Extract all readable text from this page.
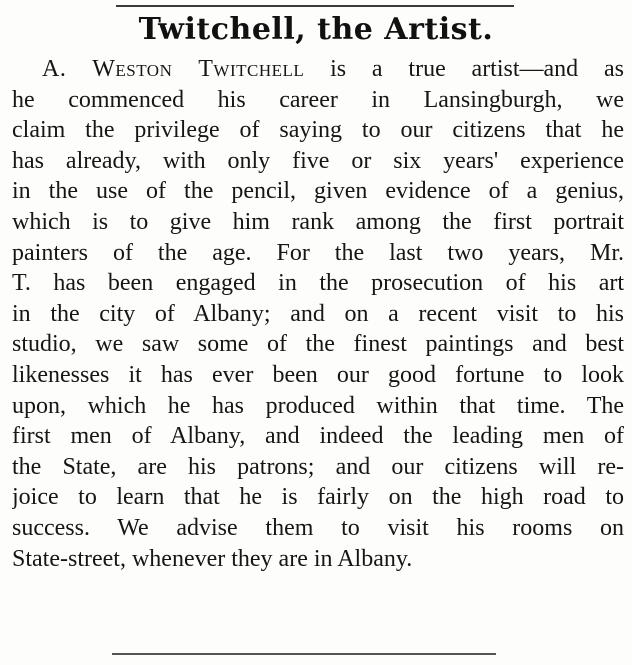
Twitchell, the Artist.
A. Weston Twitchell is a true artist—and as
he commenced his career in Lansingburgh, we
claim the privilege of saying to our citizens that he
has already, with only five or six years' experience
in the use of the pencil, given evidence of a genius,
which is to give him rank among the first portrait
painters of the age. For the last two years, Mr.
T. has been engaged in the prosecution of his art
in the city of Albany; and on a recent visit to his
studio, we saw some of the finest paintings and best
likenesses it has ever been our good fortune to look
upon, which he has produced within that time. The
first men of Albany, and indeed the leading men of
the State, are his patrons; and our citizens will re-
joice to learn that he is fairly on the high road to
success. We advise them to visit his rooms on
State-street, whenever they are in Albany.
